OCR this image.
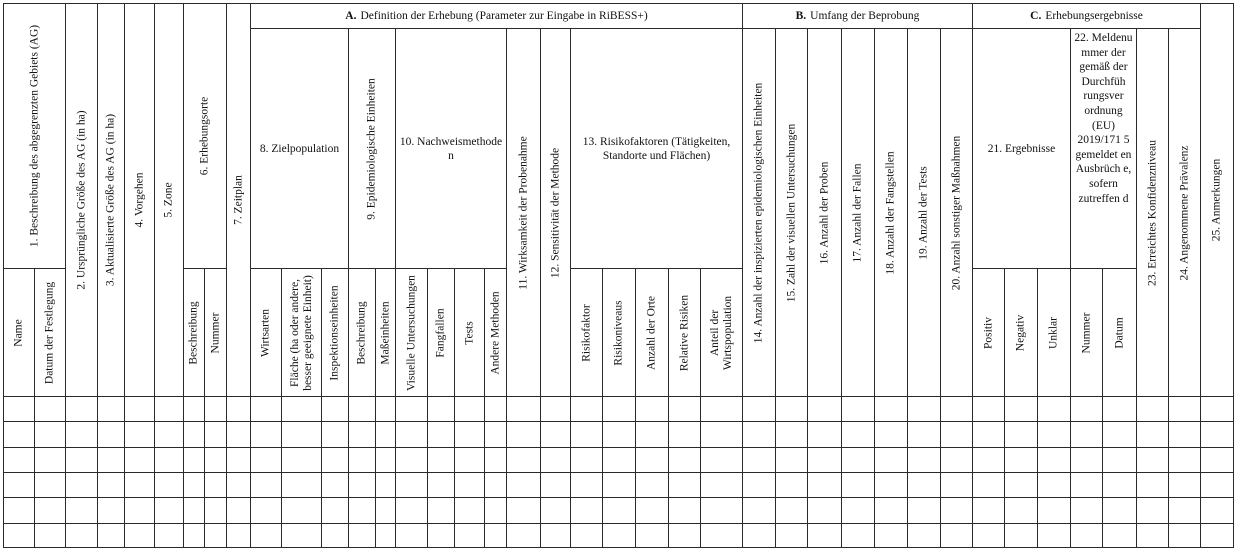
1. Beschreibung des abgegrenzten Gebiets (AG)
Name Datum der Festlegung
2. Ursprüngliche Größe des AG (in ha) 3. Aktualisierte Größe des AG (in ha) 4. Vorgehen 5. Zone
6. Erhebungsorte
Beschreibung Nummer
7. Zeitplan
A. Definition der Erhebung (Parameter zur Eingabe in RiBESS+)
8. Zielpopulation
Wirtsarten Fläche (ha oder andere, besser geeignete Einheit) Inspektionseinheiten
9. Epidemiologische Einheiten
Beschreibung Maßeinheiten
10. Nachweismethode n
Visuelle Untersuchungen Fangfallen Tests Andere Methoden
11. Wirksamkeit der Probenahme 12. Sensitivität der Methode
13. Risikofaktoren (Tätigkeiten, Standorte und Flächen)
Risikofaktor Risikoniveaus Anzahl der Orte Relative Risiken Anteil der Wirtspopulation
B. Umfang der Beprobung	C. Erhebungsergebnisse
14. Anzahl der inspizierten epidemiologischen Einheiten 15. Zahl der visuellen Untersuchungen 16. Anzahl der Proben 17. Anzahl der Fallen 18. Anzahl der Fangstellen 19. Anzahl der Tests 20. Anzahl sonstiger Maßnahmen 21. Ergebnisse
Positiv Negativ Unklar
22. Meldenu mmer der gemäß der Durchfüh rungsver ordnung (EU) 2019/171 5 gemeldet en Ausbrüch e, sofern zutreffen d
Nummer Datum
23. Erreichtes Konfidenzniveau 24. Angenommene Prävalenz 25. Anmerkungen
